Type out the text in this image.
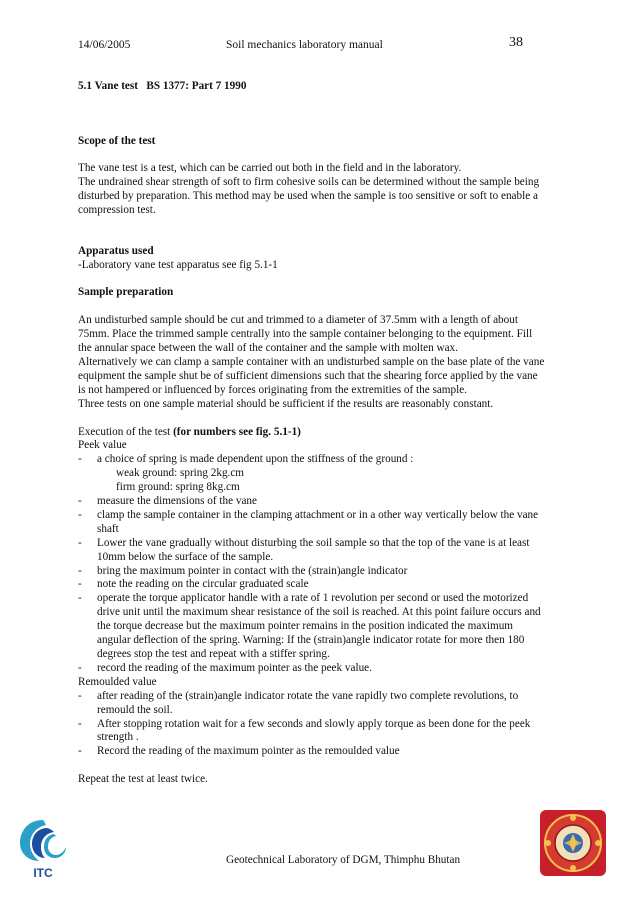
14/06/2005	Soil mechanics laboratory manual	38

5.1 Vane test   BS 1377: Part 7 1990

Scope of the test

The vane test is a test, which can be carried out both in the field and in the laboratory.

The undrained shear strength of soft to firm cohesive soils can be determined without the sample being

disturbed by preparation. This method may be used when the sample is too sensitive or soft to enable a

compression test.

Apparatus used

-Laboratory vane test apparatus see fig 5.1-1

Sample preparation

An undisturbed sample should be cut and trimmed to a diameter of 37.5mm with a length of about

75mm. Place the trimmed sample centrally into the sample container belonging to the equipment. Fill

the annular space between the wall of the container and the sample with molten wax.

Alternatively we can clamp a sample container with an undisturbed sample on the base plate of the vane

equipment the sample shut be of sufficient dimensions such that the shearing force applied by the vane

is not hampered or influenced by forces originating from the extremities of the sample.

Three tests on one sample material should be sufficient if the results are reasonably constant.

Execution of the test (for numbers see fig. 5.1-1)

Peek value

- a choice of spring is made dependent upon the stiffness of the ground :

weak ground: spring 2kg.cm

firm ground: spring 8kg.cm

- measure the dimensions of the vane

- clamp the sample container in the clamping attachment or in a other way vertically below the vane

shaft

- Lower the vane gradually without disturbing the soil sample so that the top of the vane is at least

10mm below the surface of the sample.

- bring the maximum pointer in contact with the (strain)angle indicator

- note the reading on the circular graduated scale

- operate the torque applicator handle with a rate of 1 revolution per second or used the motorized

drive unit until the maximum shear resistance of the soil is reached. At this point failure occurs and

the torque decrease but the maximum pointer remains in the position indicated the maximum

angular deflection of the spring. Warning: If the (strain)angle indicator rotate for more then 180

degrees stop the test and repeat with a stiffer spring.

- record the reading of the maximum pointer as the peek value.

Remoulded value

- after reading of the (strain)angle indicator rotate the vane rapidly two complete revolutions, to

remould the soil.

- After stopping rotation wait for a few seconds and slowly apply torque as been done for the peek

strength .

- Record the reading of the maximum pointer as the remoulded value

Repeat the test at least twice.

ITC
Geotechnical Laboratory of DGM, Thimphu Bhutan
